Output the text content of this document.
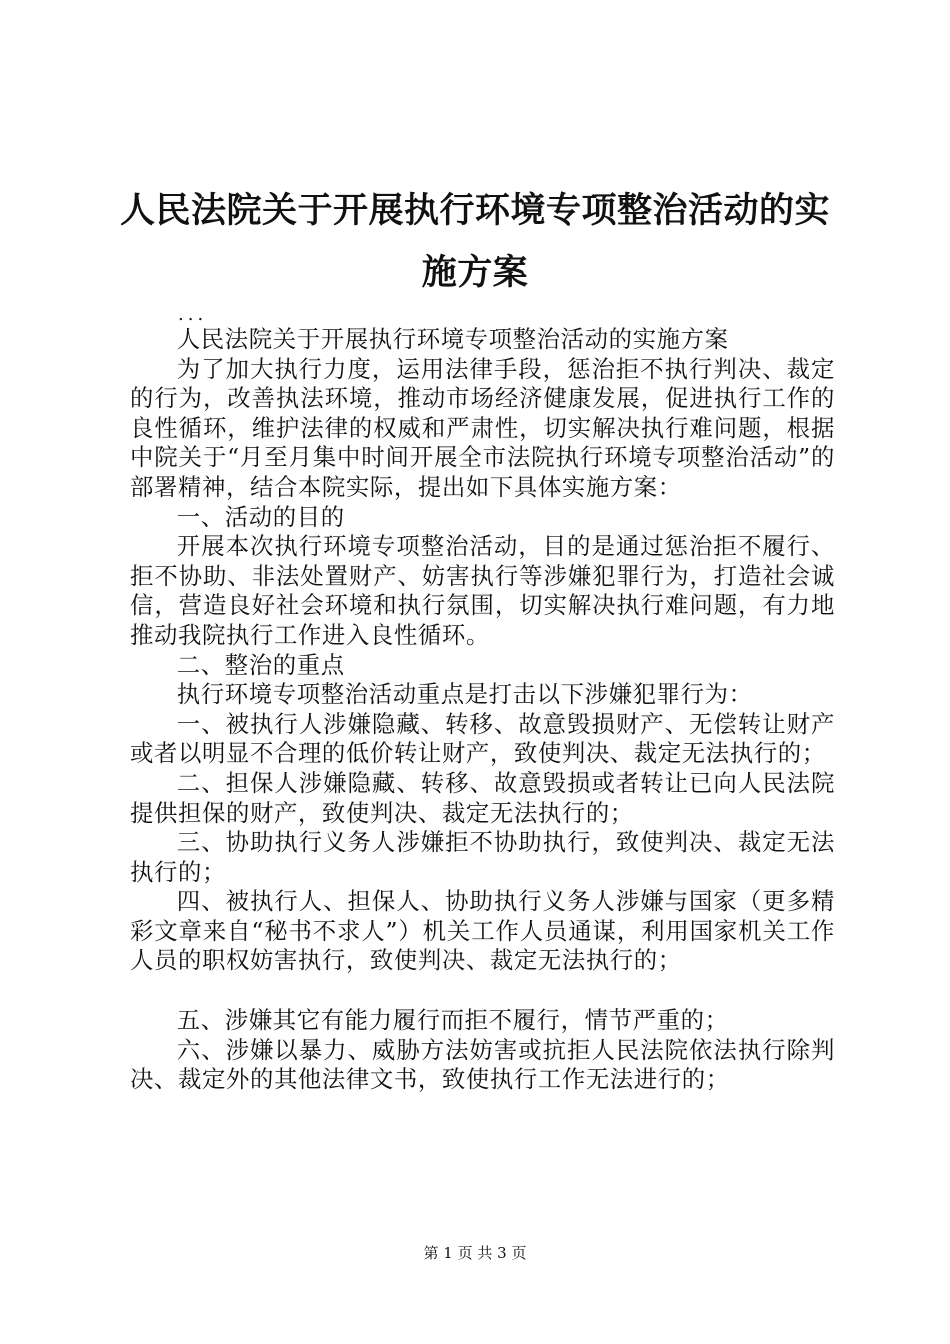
人民法院关于开展执行环境专项整治活动的实
施方案
...

人民法院关于开展执行环境专项整治活动的实施方案

为了加大执行力度，运用法律手段，惩治拒不执行判决、裁定的行为，改善执法环境，推动市场经济健康发展，促进执行工作的良性循环，维护法律的权威和严肃性，切实解决执行难问题，根据中院关于“月至月集中时间开展全市法院执行环境专项整治活动”的部署精神，结合本院实际，提出如下具体实施方案：

一、活动的目的

开展本次执行环境专项整治活动，目的是通过惩治拒不履行、拒不协助、非法处置财产、妨害执行等涉嫌犯罪行为，打造社会诚信，营造良好社会环境和执行氛围，切实解决执行难问题，有力地推动我院执行工作进入良性循环。

二、整治的重点

执行环境专项整治活动重点是打击以下涉嫌犯罪行为：

一、被执行人涉嫌隐藏、转移、故意毁损财产、无偿转让财产或者以明显不合理的低价转让财产，致使判决、裁定无法执行的；

二、担保人涉嫌隐藏、转移、故意毁损或者转让已向人民法院提供担保的财产，致使判决、裁定无法执行的；

三、协助执行义务人涉嫌拒不协助执行，致使判决、裁定无法执行的；

四、被执行人、担保人、协助执行义务人涉嫌与国家（更多精彩文章来自“秘书不求人”）机关工作人员通谋，利用国家机关工作人员的职权妨害执行，致使判决、裁定无法执行的；

五、涉嫌其它有能力履行而拒不履行，情节严重的；

六、涉嫌以暴力、威胁方法妨害或抗拒人民法院依法执行除判决、裁定外的其他法律文书，致使执行工作无法进行的；

第 1 页 共 3 页
